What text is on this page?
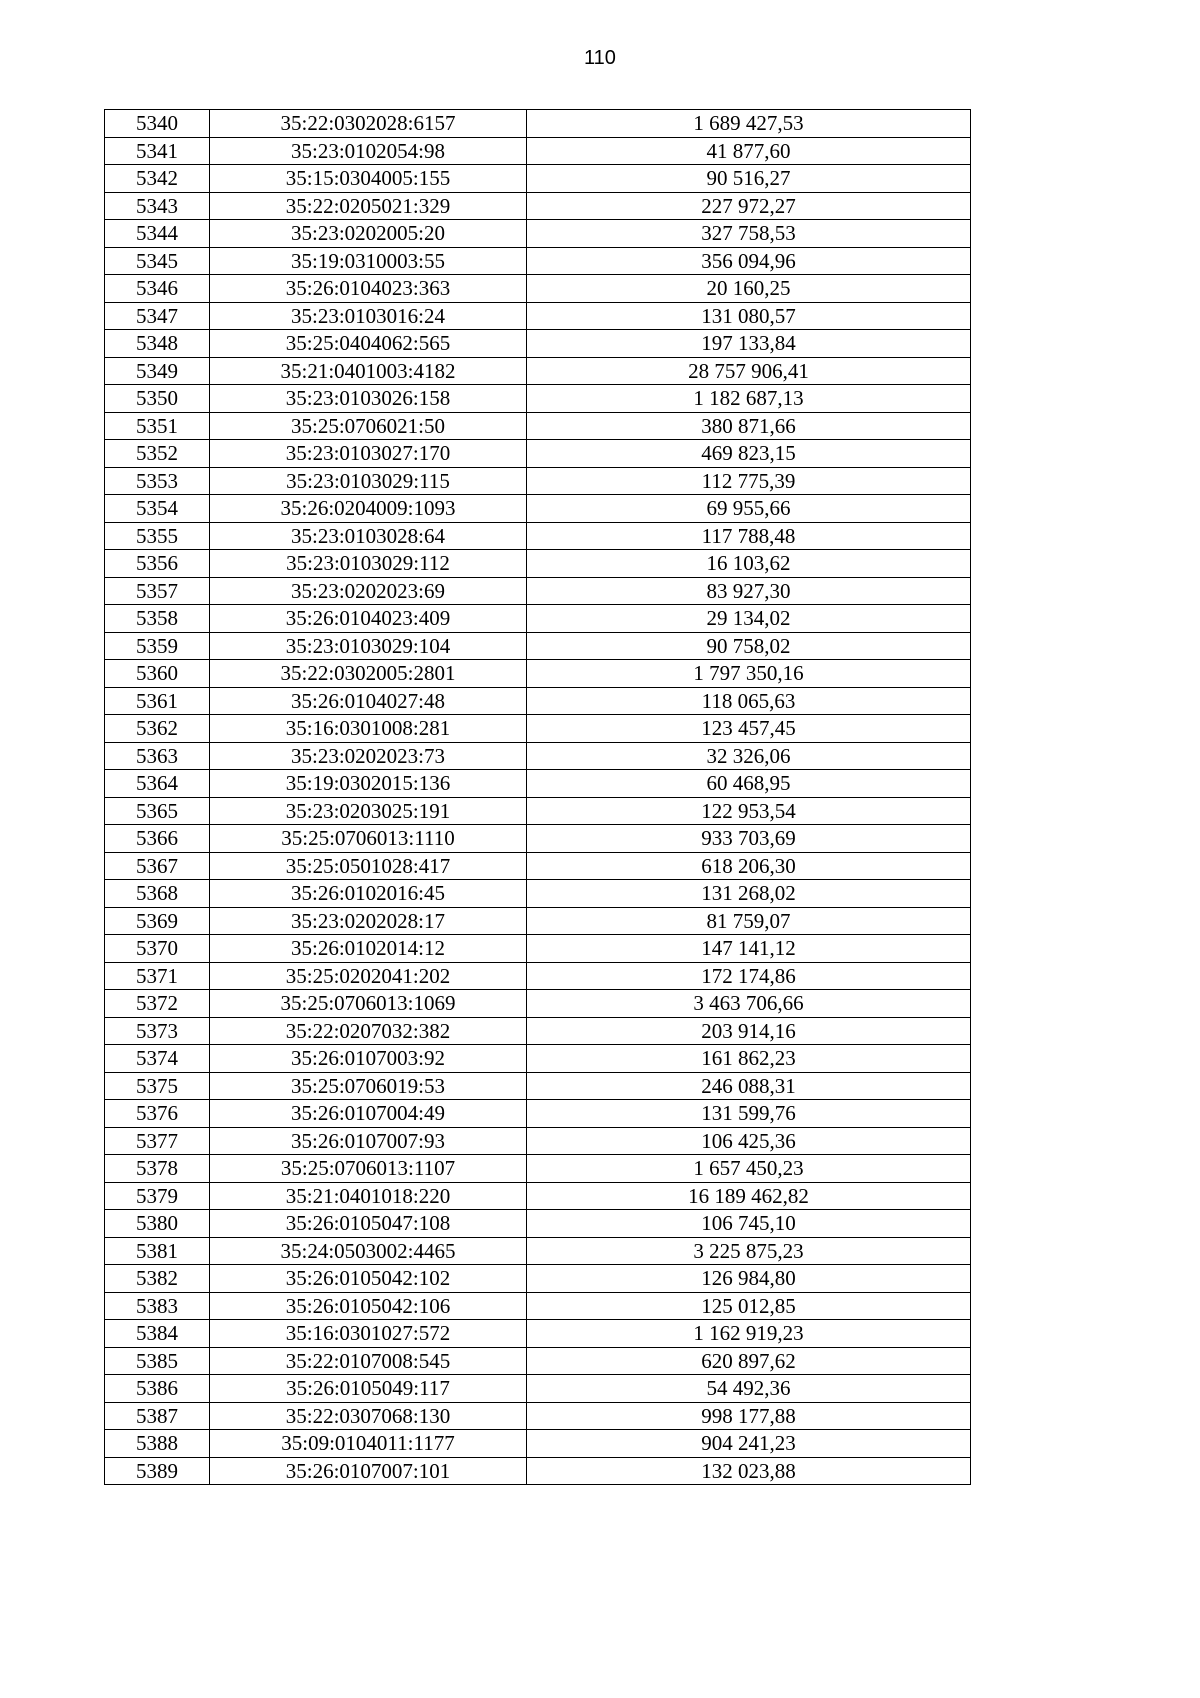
110
5340	35:22:0302028:6157	1 689 427,53
5341	35:23:0102054:98	41 877,60
5342	35:15:0304005:155	90 516,27
5343	35:22:0205021:329	227 972,27
5344	35:23:0202005:20	327 758,53
5345	35:19:0310003:55	356 094,96
5346	35:26:0104023:363	20 160,25
5347	35:23:0103016:24	131 080,57
5348	35:25:0404062:565	197 133,84
5349	35:21:0401003:4182	28 757 906,41
5350	35:23:0103026:158	1 182 687,13
5351	35:25:0706021:50	380 871,66
5352	35:23:0103027:170	469 823,15
5353	35:23:0103029:115	112 775,39
5354	35:26:0204009:1093	69 955,66
5355	35:23:0103028:64	117 788,48
5356	35:23:0103029:112	16 103,62
5357	35:23:0202023:69	83 927,30
5358	35:26:0104023:409	29 134,02
5359	35:23:0103029:104	90 758,02
5360	35:22:0302005:2801	1 797 350,16
5361	35:26:0104027:48	118 065,63
5362	35:16:0301008:281	123 457,45
5363	35:23:0202023:73	32 326,06
5364	35:19:0302015:136	60 468,95
5365	35:23:0203025:191	122 953,54
5366	35:25:0706013:1110	933 703,69
5367	35:25:0501028:417	618 206,30
5368	35:26:0102016:45	131 268,02
5369	35:23:0202028:17	81 759,07
5370	35:26:0102014:12	147 141,12
5371	35:25:0202041:202	172 174,86
5372	35:25:0706013:1069	3 463 706,66
5373	35:22:0207032:382	203 914,16
5374	35:26:0107003:92	161 862,23
5375	35:25:0706019:53	246 088,31
5376	35:26:0107004:49	131 599,76
5377	35:26:0107007:93	106 425,36
5378	35:25:0706013:1107	1 657 450,23
5379	35:21:0401018:220	16 189 462,82
5380	35:26:0105047:108	106 745,10
5381	35:24:0503002:4465	3 225 875,23
5382	35:26:0105042:102	126 984,80
5383	35:26:0105042:106	125 012,85
5384	35:16:0301027:572	1 162 919,23
5385	35:22:0107008:545	620 897,62
5386	35:26:0105049:117	54 492,36
5387	35:22:0307068:130	998 177,88
5388	35:09:0104011:1177	904 241,23
5389	35:26:0107007:101	132 023,88
